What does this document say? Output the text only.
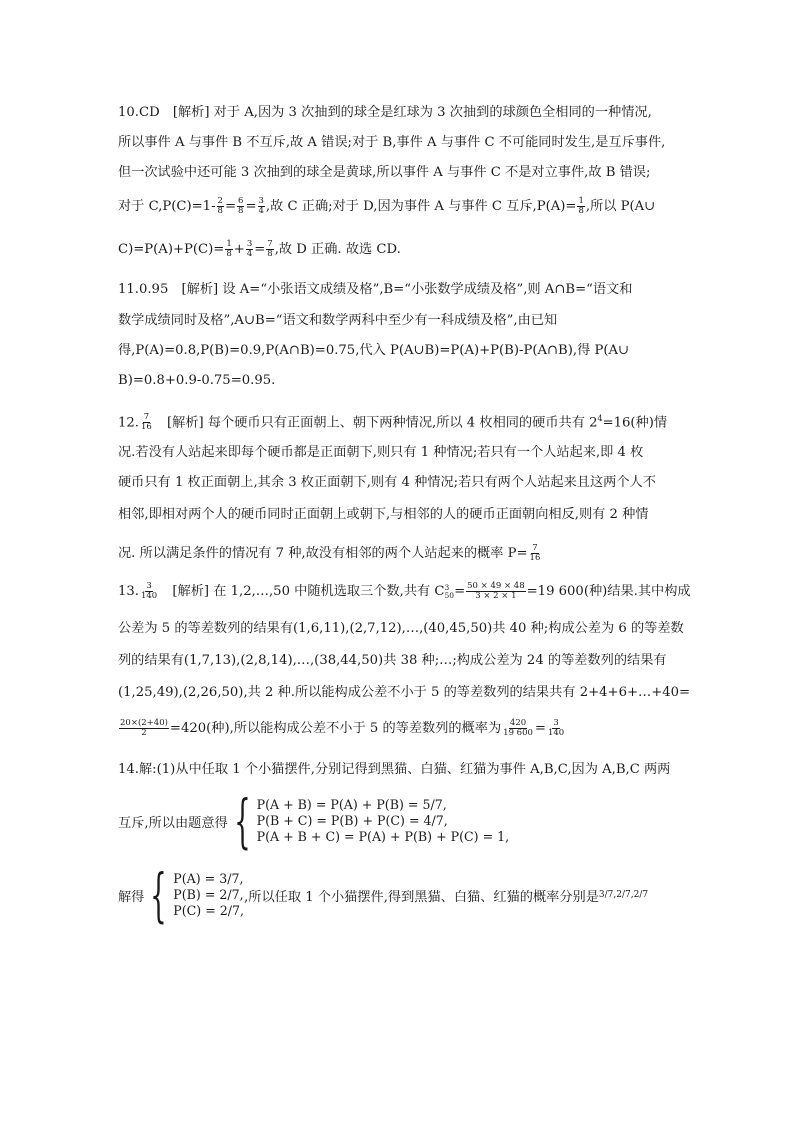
10.CD　[解析] 对于 A,因为 3 次抽到的球全是红球为 3 次抽到的球颜色全相同的一种情况,
所以事件 A 与事件 B 不互斥,故 A 错误;对于 B,事件 A 与事件 C 不可能同时发生,是互斥事件,
但一次试验中还可能 3 次抽到的球全是黄球,所以事件 A 与事件 C 不是对立事件,故 B 错误;
对于 $C,P(C)=1- \frac{2}{8} = \frac{6}{8} = \frac{3}{4}$ ,故 C 正确;对于 D,因为事件 A 与事件 C 互斥$,P(A)= \frac{1}{8}$ ,所以 P(A∪
$C)=P(A)+P(C)= \frac{1}{8} + \frac{3}{4} = \frac{7}{8}$ ,故 D 正确. 故选 CD.
11.0.95　[解析] 设 A=“小张语文成绩及格”,B=“小张数学成绩及格”,则 A∩B=“语文和
数学成绩同时及格”,A∪B=“语文和数学两科中至少有一科成绩及格”,由已知
得,P(A)=0.8,P(B)=0.9,P(A∩B)=0.75,代入 P(A∪B)=P(A)+P(B)-P(A∩B),得 P(A∪
B)=0.8+0.9-0.75=0.95.
12. $\frac{7}{16}$ 　[解析] 每个硬币只有正面朝上、朝下两种情况,所以 4 枚相同的硬币共有 $2^4=16$(种)情
况.若没有人站起来即每个硬币都是正面朝下,则只有 1 种情况;若只有一个人站起来,即 4 枚
硬币只有 1 枚正面朝上,其余 3 枚正面朝下,则有 4 种情况;若只有两个人站起来且这两个人不
相邻,即相对两个人的硬币同时正面朝上或朝下,与相邻的人的硬币正面朝向相反,则有 2 种情
况. 所以满足条件的情况有 7 种,故没有相邻的两个人站起来的概率 $P= \frac{7}{16}$
13. $\frac{3}{140}$ 　[解析] 在 1,2,…,50 中随机选取三个数,共有 C 3
$50 = \frac{50 \times 49 \times 48}{3 \times 2 \times 1} =19$ 600(种)结果.其中构成
公差为 5 的等差数列的结果有(1,6,11),(2,7,12),…,(40,45,50)共 40 种;构成公差为 6 的等差数
列的结果有(1,7,13),(2,8,14),…,(38,44,50)共 38 种;…;构成公差为 24 的等差数列的结果有
(1,25,49),(2,26,50),共 2 种.所以能构成公差不小于 5 的等差数列的结果共有 2+4+6+…+40=
$\frac{20\times(2+40)}{2} =420$(种),所以能构成公差不小于 5 的等差数列的概率为 $\frac{420}{19 600} = \frac{3}{140}$
14.解:(1)从中任取 1 个小猫摆件,分别记得到黑猫、白猫、红猫为事件 A,B,C,因为 A,B,C 两两
互斥,所以由题意得 { P(A + B) = P(A) + P(B) = 5/7,
P(B + C) = P(B) + P(C) = 4/7,
P(A + B + C) = P(A) + P(B) + P(C) = 1,
解得 { P(A) = 3/7,
P(B) = 2/7,
P(C) = 2/7,
,所以任取 1 个小猫摆件,得到黑猫、白猫、红猫的概率分别是 3/7,2/7,2/7
